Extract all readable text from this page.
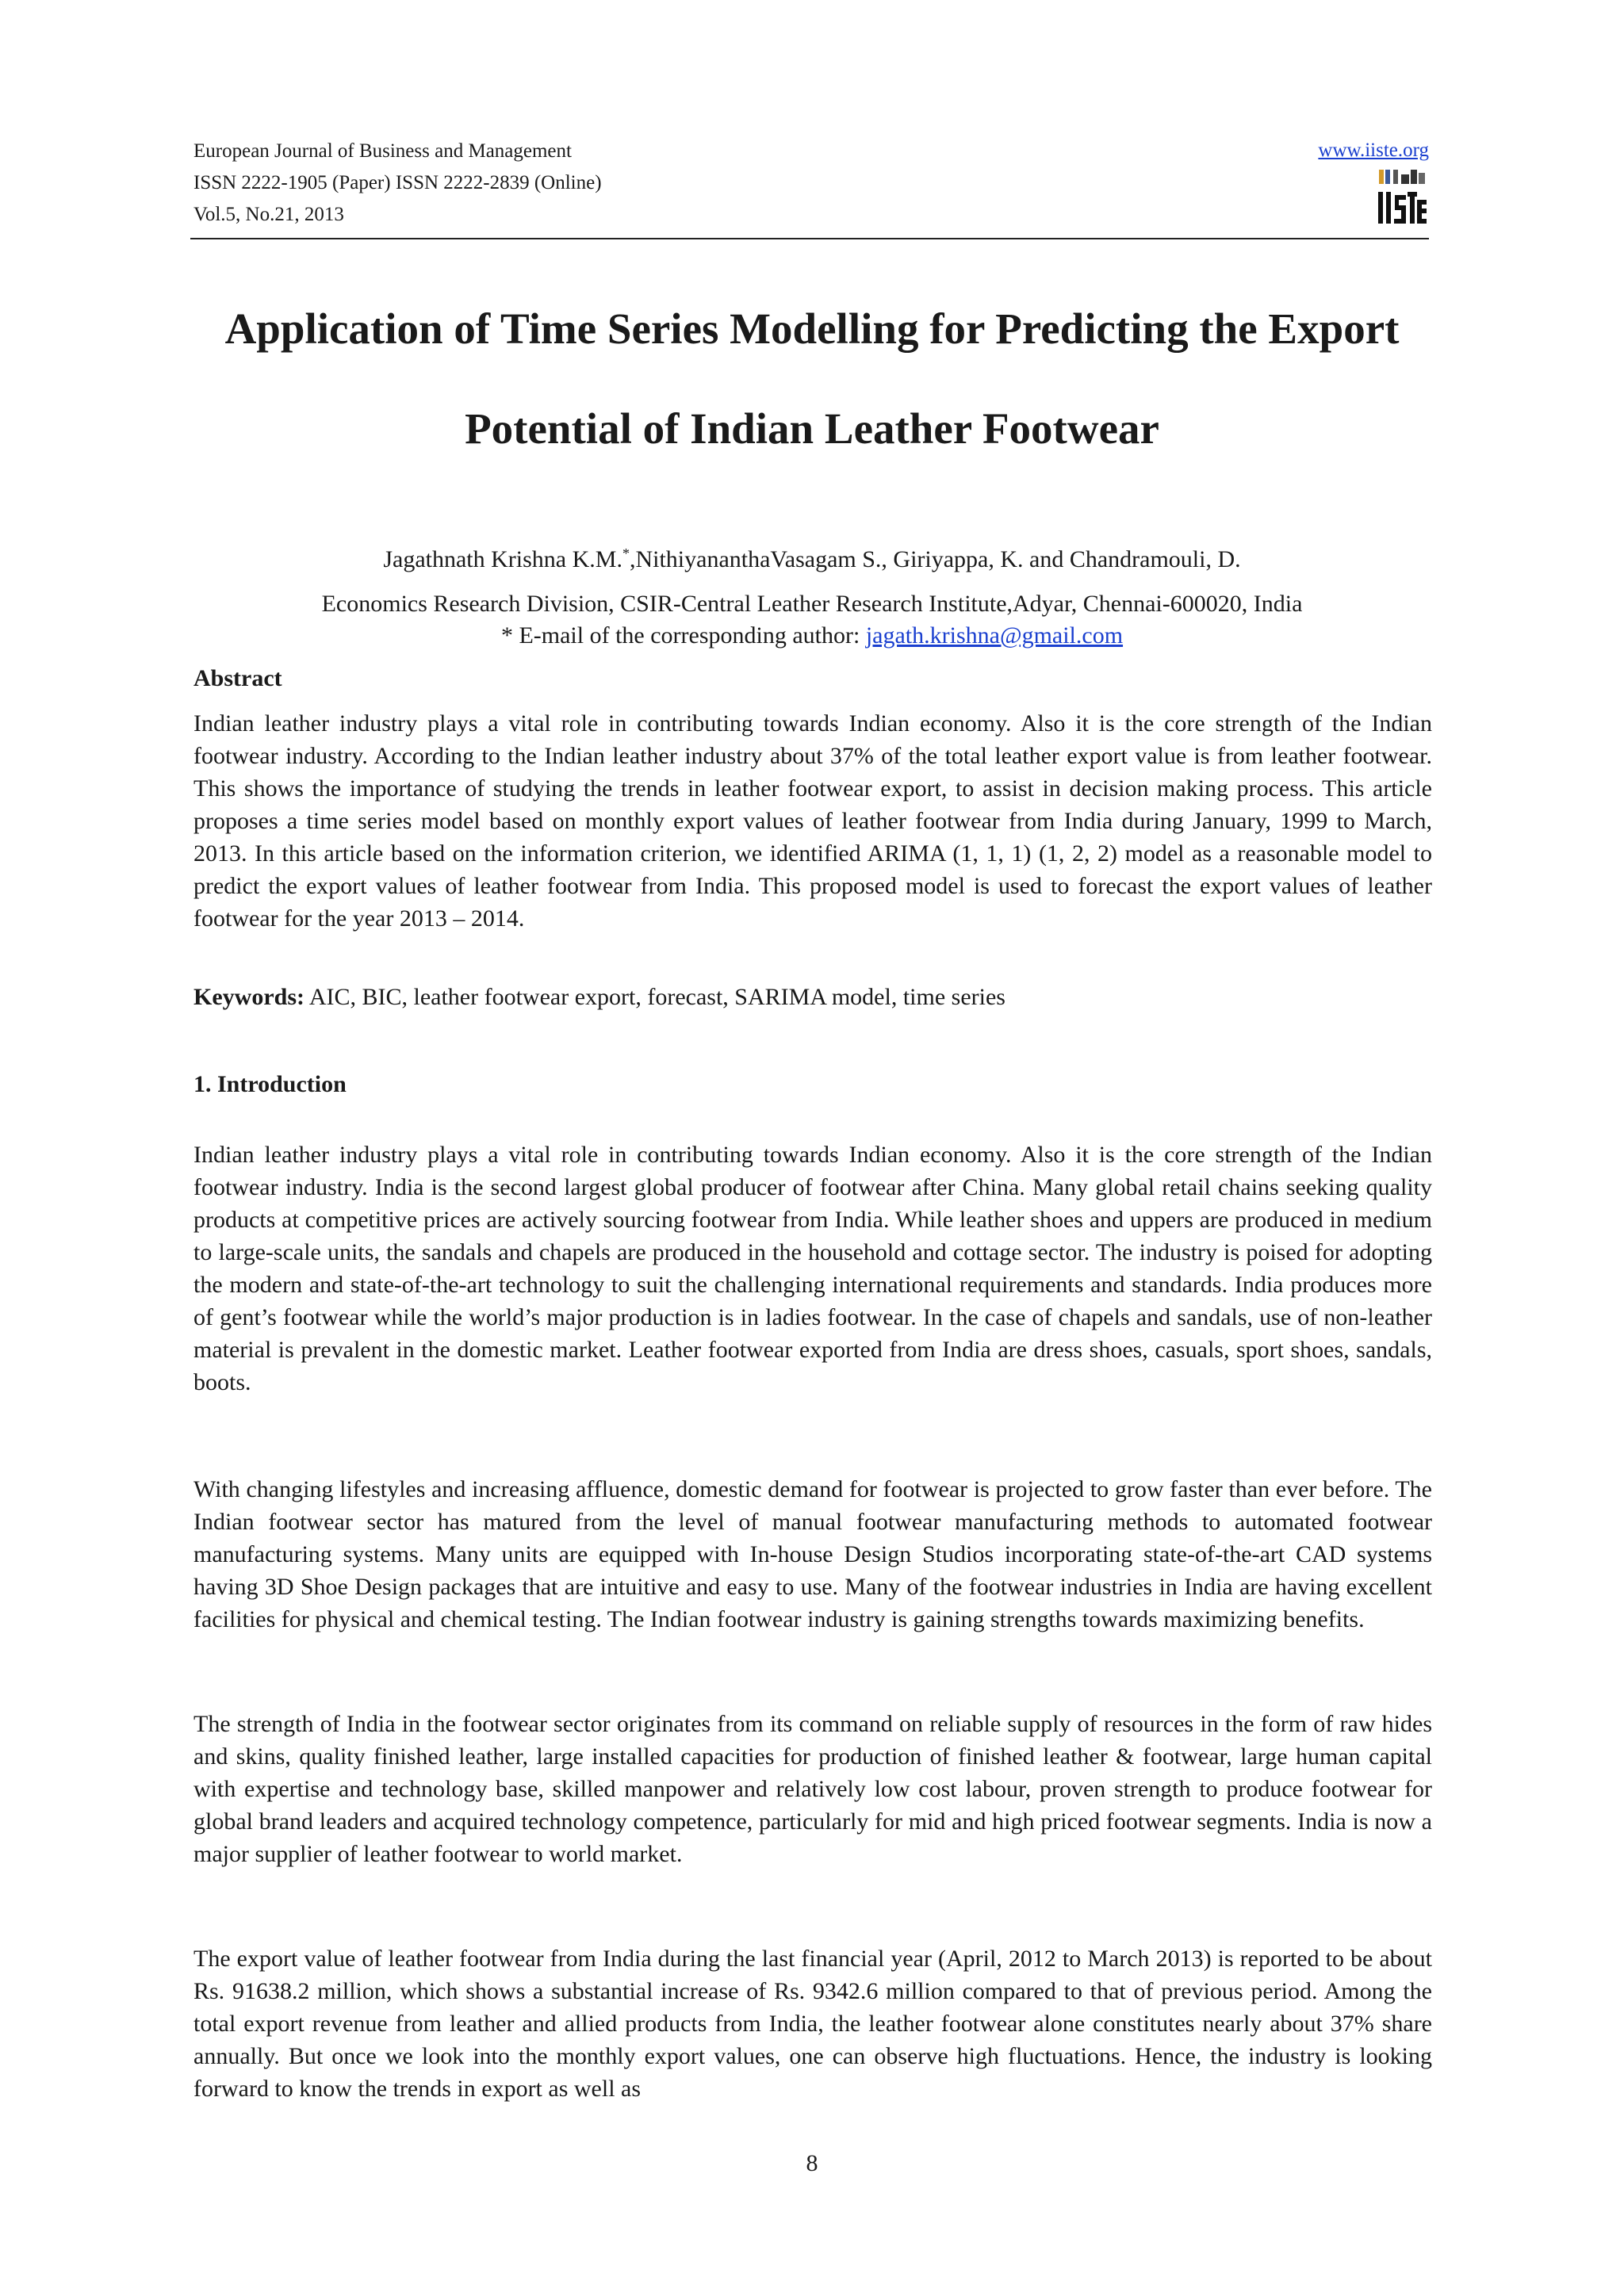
European Journal of Business and Management
ISSN 2222-1905 (Paper) ISSN 2222-2839 (Online)
Vol.5, No.21, 2013
www.iiste.org
Application of Time Series Modelling for Predicting the Export
Potential of Indian Leather Footwear
Jagathnath Krishna K.M.*,NithiyananthaVasagam S., Giriyappa, K. and Chandramouli, D.
Economics Research Division, CSIR-Central Leather Research Institute,Adyar, Chennai-600020, India
* E-mail of the corresponding author: jagath.krishna@gmail.com
Abstract
Indian leather industry plays a vital role in contributing towards Indian economy. Also it is the core strength of the Indian footwear industry. According to the Indian leather industry about 37% of the total leather export value is from leather footwear. This shows the importance of studying the trends in leather footwear export, to assist in decision making process. This article proposes a time series model based on monthly export values of leather footwear from India during January, 1999 to March, 2013. In this article based on the information criterion, we identified ARIMA (1, 1, 1) (1, 2, 2) model as a reasonable model to predict the export values of leather footwear from India. This proposed model is used to forecast the export values of leather footwear for the year 2013 – 2014.
Keywords: AIC, BIC, leather footwear export, forecast, SARIMA model, time series
1. Introduction
Indian leather industry plays a vital role in contributing towards Indian economy. Also it is the core strength of the Indian footwear industry. India is the second largest global producer of footwear after China. Many global retail chains seeking quality products at competitive prices are actively sourcing footwear from India. While leather shoes and uppers are produced in medium to large-scale units, the sandals and chapels are produced in the household and cottage sector. The industry is poised for adopting the modern and state-of-the-art technology to suit the challenging international requirements and standards. India produces more of gent’s footwear while the world’s major production is in ladies footwear. In the case of chapels and sandals, use of non-leather material is prevalent in the domestic market. Leather footwear exported from India are dress shoes, casuals, sport shoes, sandals, boots.
With changing lifestyles and increasing affluence, domestic demand for footwear is projected to grow faster than ever before. The Indian footwear sector has matured from the level of manual footwear manufacturing methods to automated footwear manufacturing systems. Many units are equipped with In-house Design Studios incorporating state-of-the-art CAD systems having 3D Shoe Design packages that are intuitive and easy to use. Many of the footwear industries in India are having excellent facilities for physical and chemical testing. The Indian footwear industry is gaining strengths towards maximizing benefits.
The strength of India in the footwear sector originates from its command on reliable supply of resources in the form of raw hides and skins, quality finished leather, large installed capacities for production of finished leather & footwear, large human capital with expertise and technology base, skilled manpower and relatively low cost labour, proven strength to produce footwear for global brand leaders and acquired technology competence, particularly for mid and high priced footwear segments. India is now a major supplier of leather footwear to world market.
The export value of leather footwear from India during the last financial year (April, 2012 to March 2013) is reported to be about Rs. 91638.2 million, which shows a substantial increase of Rs. 9342.6 million compared to that of previous period. Among the total export revenue from leather and allied products from India, the leather footwear alone constitutes nearly about 37% share annually. But once we look into the monthly export values, one can observe high fluctuations. Hence, the industry is looking forward to know the trends in export as well as
8
